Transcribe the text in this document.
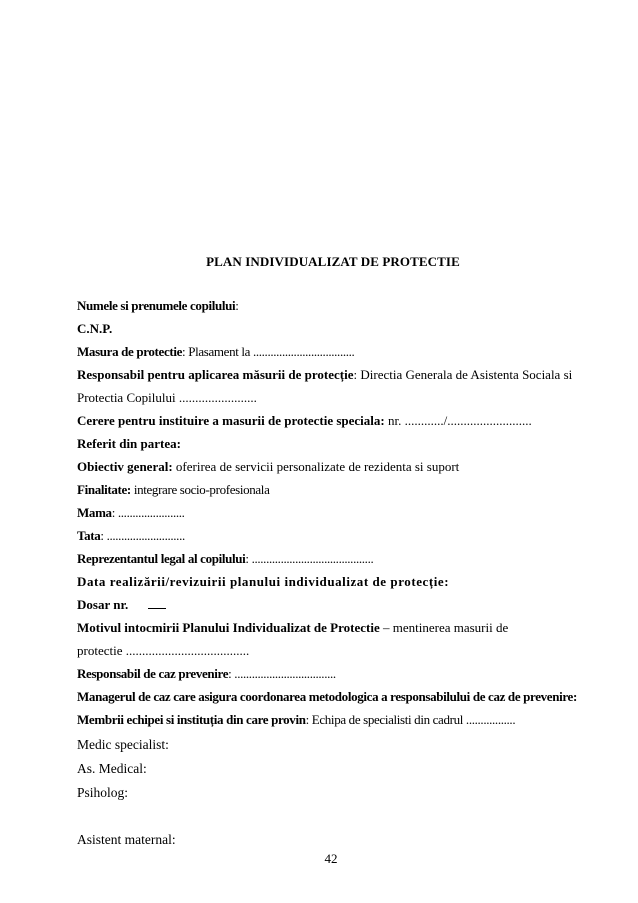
PLAN INDIVIDUALIZAT DE PROTECTIE
Numele si prenumele copilului:
C.N.P.
Masura de protectie: Plasament la ...................................
Responsabil pentru aplicarea măsurii de protecție: Directia Generala de Asistenta Sociala si
Protectia Copilului ........................
Cerere pentru instituire a masurii de protectie speciala: nr. ............/..........................
Referit din partea:
Obiectiv general: oferirea de servicii personalizate de rezidenta si suport
Finalitate: integrare socio-profesionala
Mama: .......................
Tata: ...........................
Reprezentantul legal al copilului: ..........................................
Data realizării/revizuirii planului individualizat de protecție:
Dosar nr.
Motivul intocmirii Planului Individualizat de Protectie – mentinerea masurii de
protectie ......................................
Responsabil de caz prevenire: ...................................
Managerul de caz care asigura coordonarea metodologica a responsabilului de caz de prevenire:
Membrii echipei si instituția din care provin: Echipa de specialisti din cadrul .................
Medic specialist:
As. Medical:
Psiholog:
Asistent maternal:
42
